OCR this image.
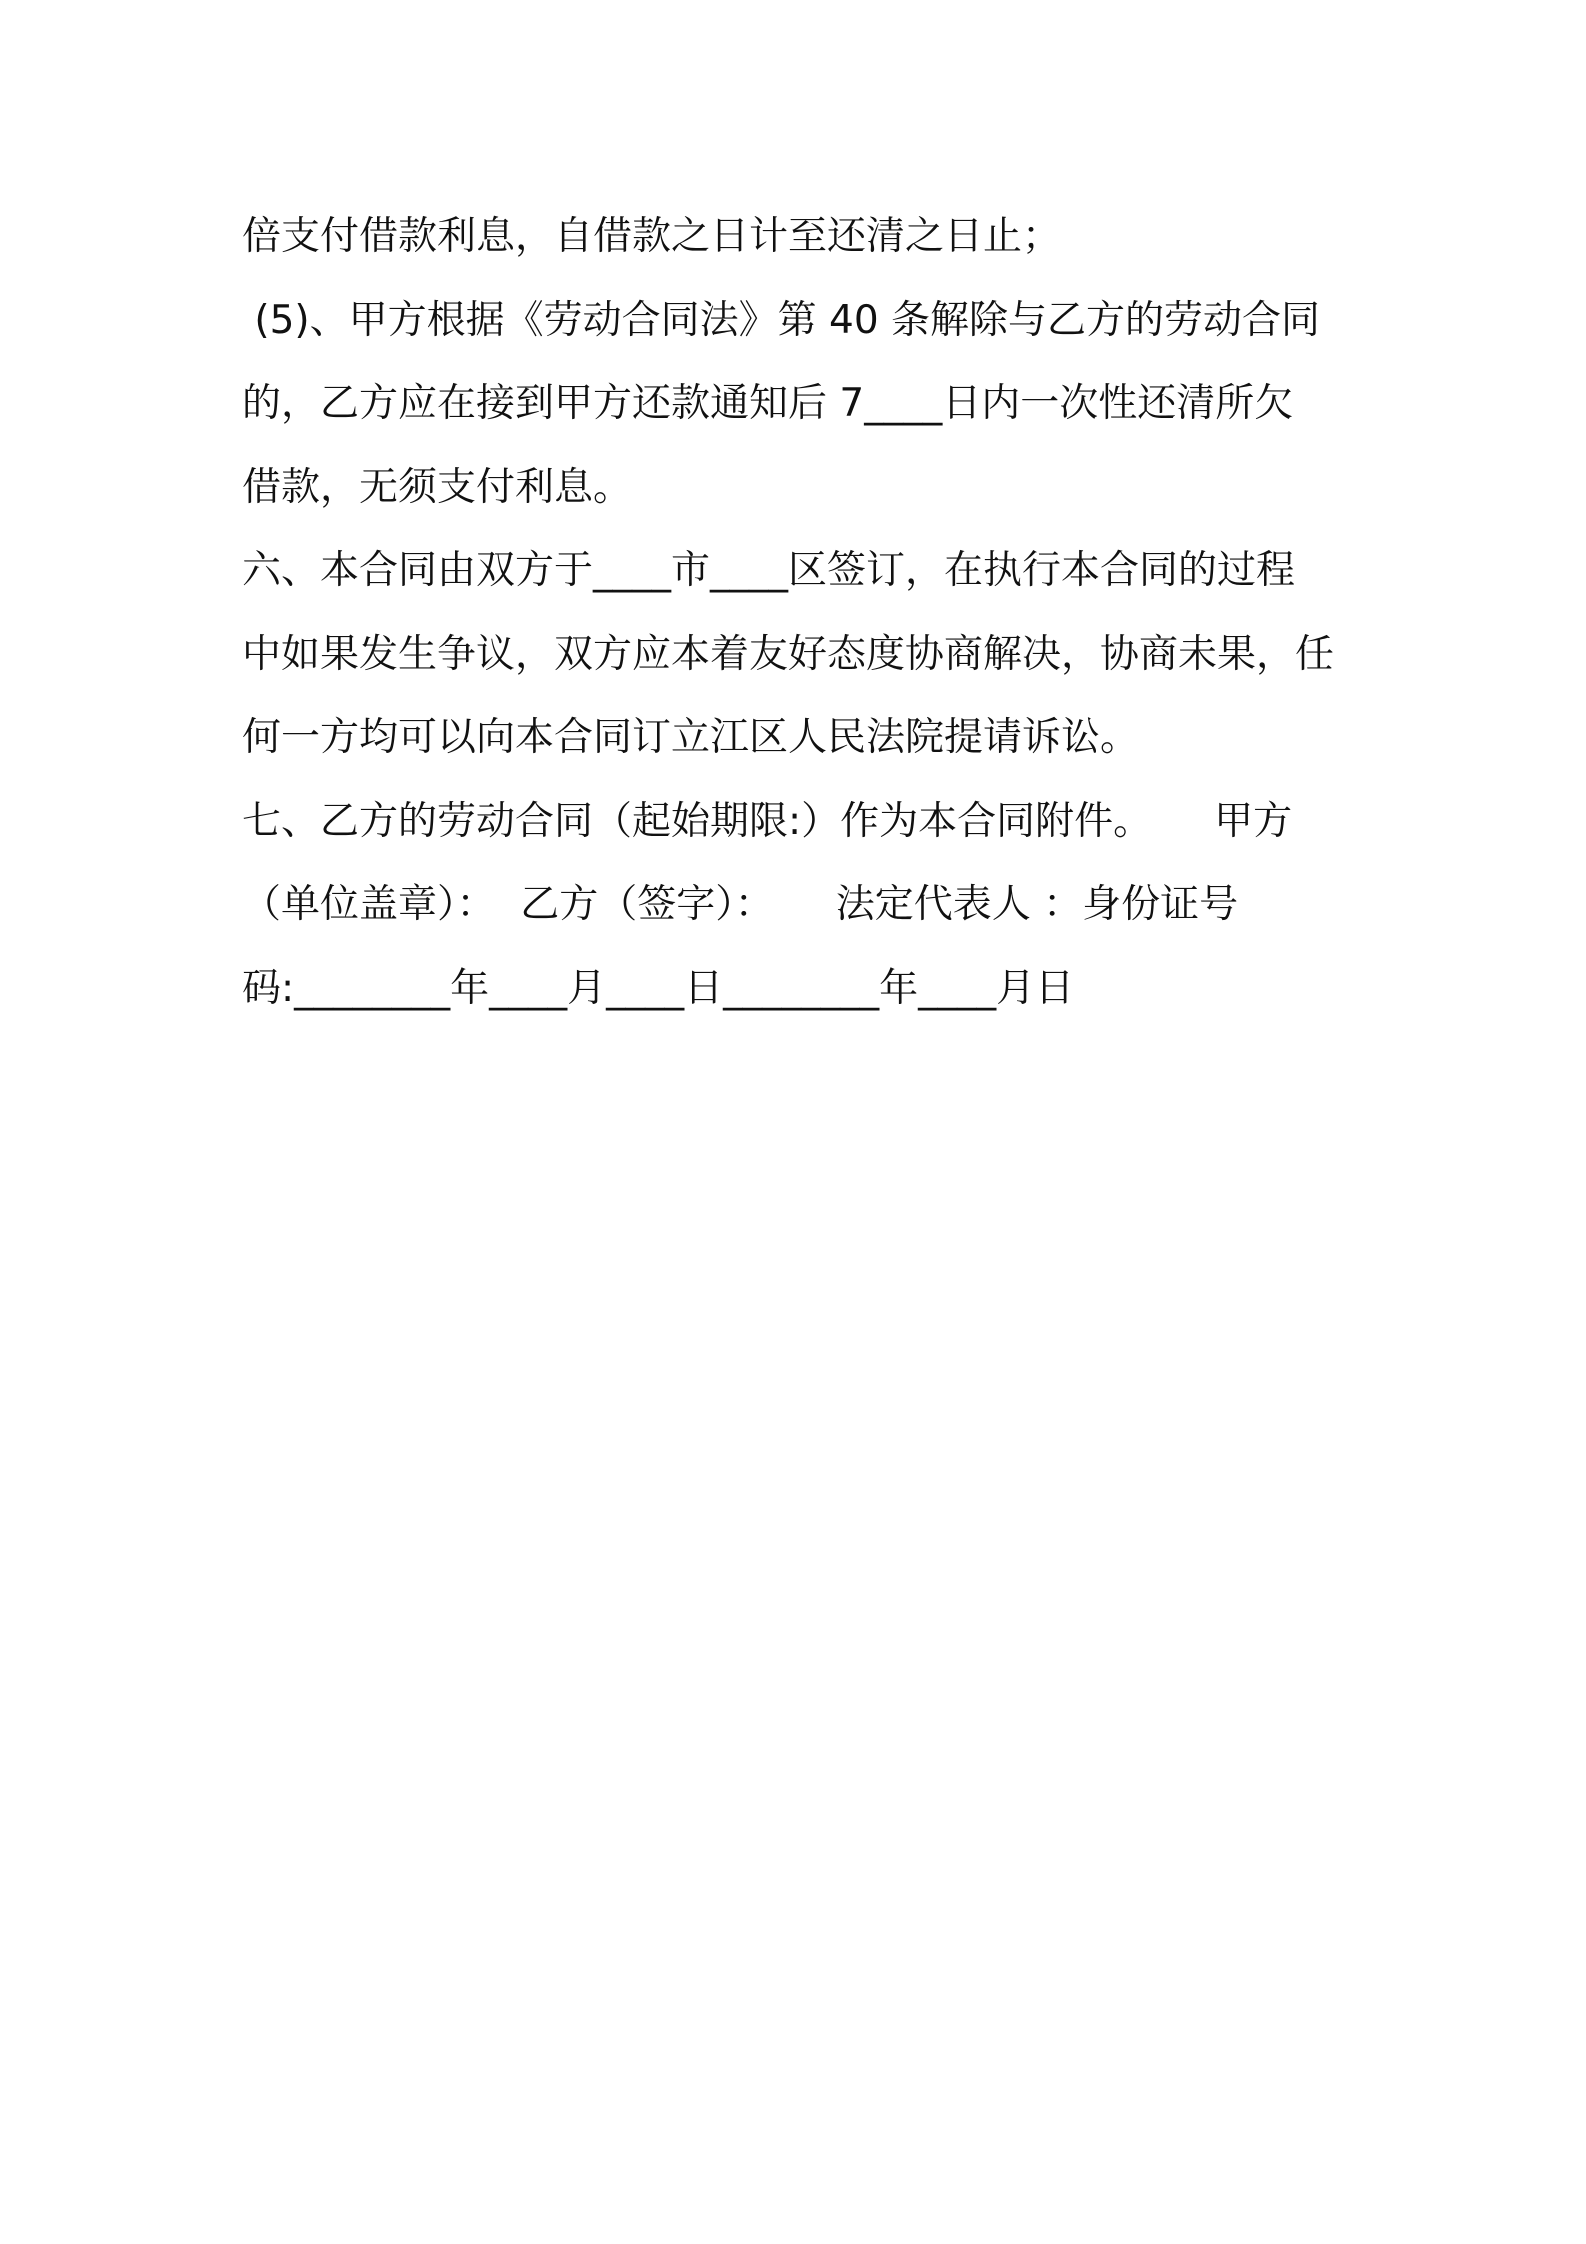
倍支付借款利息，自借款之日计至还清之日止；
(5)、甲方根据《劳动合同法》第 40 条解除与乙方的劳动合同
的，乙方应在接到甲方还款通知后 7____日内一次性还清所欠
借款，无须支付利息。
六、本合同由双方于____市____区签订，在执行本合同的过程
中如果发生争议，双方应本着友好态度协商解决，协商未果，任
何一方均可以向本合同订立江区人民法院提请诉讼。
七、乙方的劳动合同（起始期限:）作为本合同附件。     甲方
（单位盖章）：  乙方（签字）：     法定代表人 ：身份证号
码:________年____月____日________年____月日
